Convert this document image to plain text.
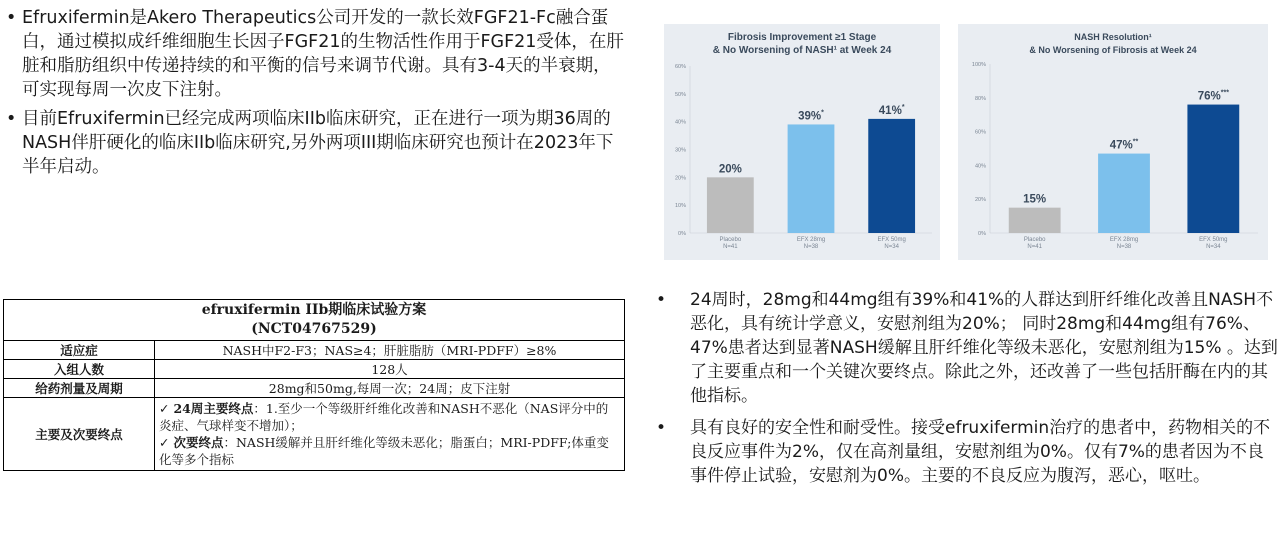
• Efruxifermin是Akero Therapeutics公司开发的一款长效FGF21-Fc融合蛋白，通过模拟成纤维细胞生长因子FGF21的生物活性作用于FGF21受体，在肝脏和脂肪组织中传递持续的和平衡的信号来调节代谢。具有3-4天的半衰期，可实现每周一次皮下注射。
• 目前Efruxifermin已经完成两项临床IIb临床研究，正在进行一项为期36周的NASH伴肝硬化的临床IIb临床研究,另外两项III期临床研究也预计在2023年下半年启动。
Fibrosis Improvement ≥1 Stage
& No Worsening of NASH¹ at Week 24
0%
10%
20%
30%
40%
50%
60%
20%
Placebo
N=41
39%*
EFX 28mg
N=38
41%*
EFX 50mg
N=34
NASH Resolution¹
& No Worsening of Fibrosis at Week 24
0%
20%
40%
60%
80%
100%
15%
Placebo
N=41
47%**
EFX 28mg
N=38
76%***
EFX 50mg
N=34
efruxifermin IIb期临床试验方案
(NCT04767529)	

适应症	NASH中F2-F3；NAS≥4；肝脏脂肪（MRI-PDFF）≥8%
入组人数	128人
给药剂量及周期	28mg和50mg,每周一次；24周；皮下注射
主要及次要终点	✓ 24周主要终点：1.至少一个等级肝纤维化改善和NASH不恶化（NAS评分中的炎症、气球样变不增加）；
✓ 次要终点：NASH缓解并且肝纤维化等级未恶化；脂蛋白；MRI-PDFF;体重变化等多个指标
•	24周时，28mg和44mg组有39%和41%的人群达到肝纤维化改善且NASH不恶化，具有统计学意义，安慰剂组为20%； 同时28mg和44mg组有76%、47%患者达到显著NASH缓解且肝纤维化等级未恶化，安慰剂组为15% 。达到了主要重点和一个关键次要终点。除此之外，还改善了一些包括肝酶在内的其他指标。
•	具有良好的安全性和耐受性。接受efruxifermin治疗的患者中，药物相关的不良反应事件为2%，仅在高剂量组，安慰剂组为0%。仅有7%的患者因为不良事件停止试验，安慰剂为0%。主要的不良反应为腹泻，恶心，呕吐。
